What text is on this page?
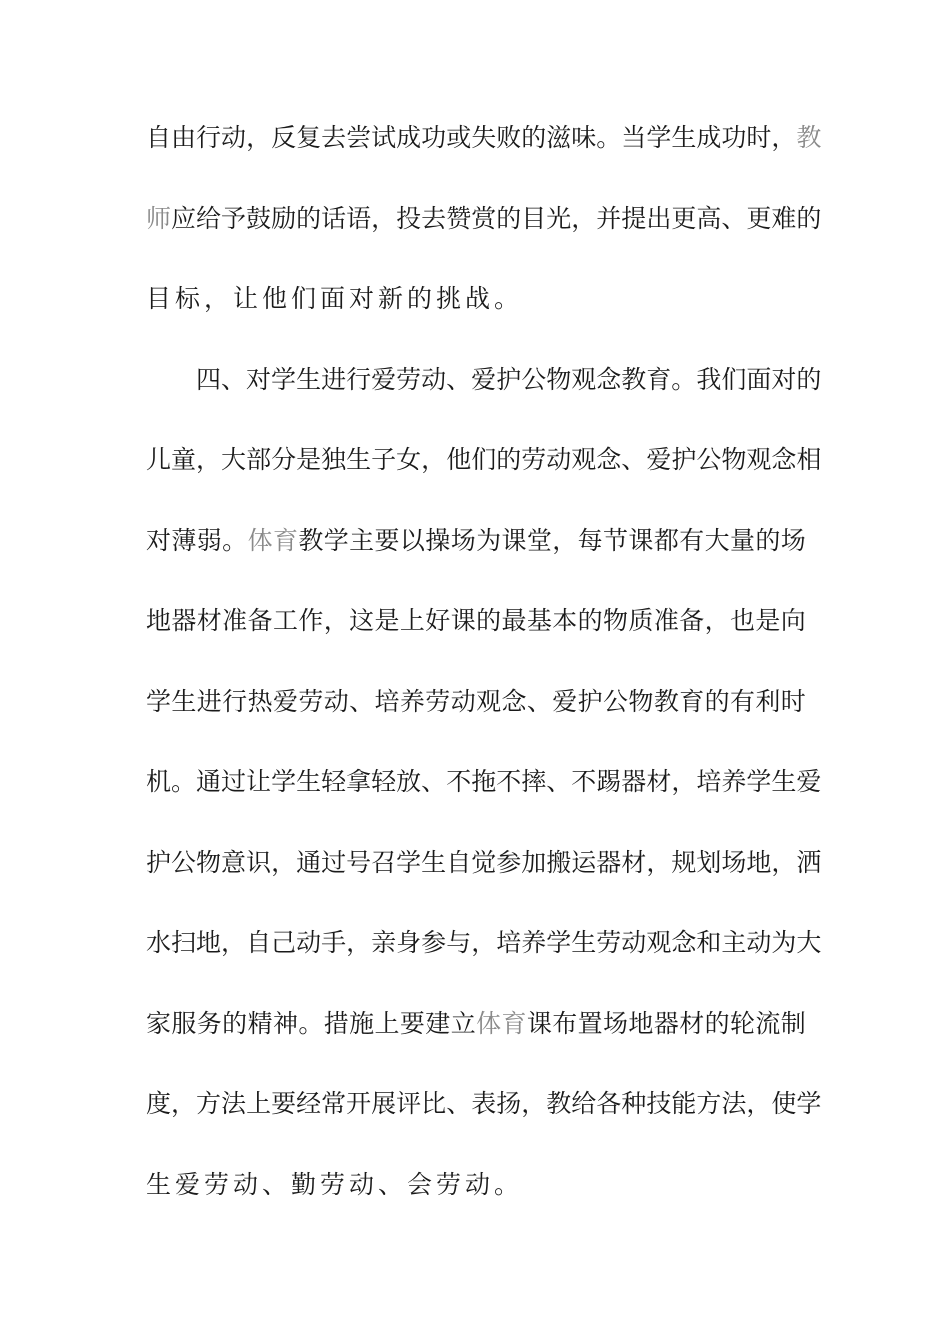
自 由 行 动 ， 反 复 去 尝 试 成 功 或 失 败 的 滋 味 。 当 学 生 成 功 时 ， 教
师 应 给 予 鼓 励 的 话 语 ， 投 去 赞 赏 的 目 光 ， 并 提 出 更 高 、 更 难 的
目标，让他们面对新的挑战。
四 、 对 学 生 进 行 爱 劳 动 、 爱 护 公 物 观 念 教 育 。 我 们 面 对 的
儿 童 ， 大 部 分 是 独 生 子 女 ， 他 们 的 劳 动 观 念 、 爱 护 公 物 观 念 相
对 薄 弱 。 体 育 教 学 主 要 以 操 场 为 课 堂 ， 每 节 课 都 有 大 量 的 场
地 器 材 准 备 工 作 ， 这 是 上 好 课 的 最 基 本 的 物 质 准 备 ， 也 是 向
学 生 进 行 热 爱 劳 动 、 培 养 劳 动 观 念 、 爱 护 公 物 教 育 的 有 利 时
机 。 通 过 让 学 生 轻 拿 轻 放 、 不 拖 不 摔 、 不 踢 器 材 ， 培 养 学 生 爱
护 公 物 意 识 ， 通 过 号 召 学 生 自 觉 参 加 搬 运 器 材 ， 规 划 场 地 ， 洒
水 扫 地 ， 自 己 动 手 ， 亲 身 参 与 ， 培 养 学 生 劳 动 观 念 和 主 动 为 大
家 服 务 的 精 神 。 措 施 上 要 建 立 体 育 课 布 置 场 地 器 材 的 轮 流 制
度 ， 方 法 上 要 经 常 开 展 评 比 、 表 扬 ， 教 给 各 种 技 能 方 法 ， 使 学
生爱劳动、勤劳动、会劳动。
